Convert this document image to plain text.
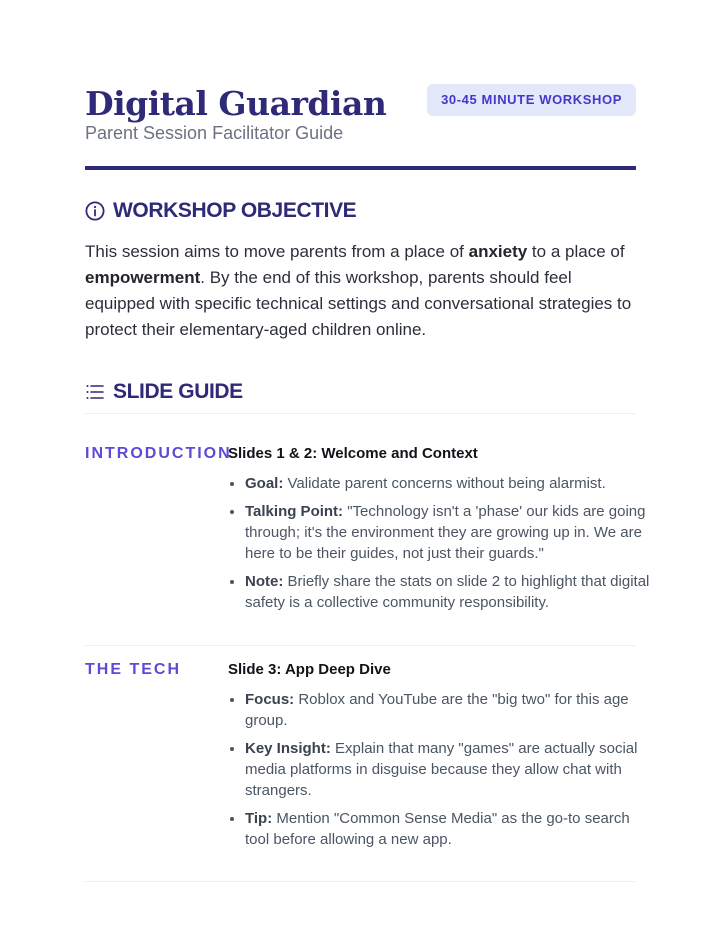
Digital Guardian
Parent Session Facilitator Guide
30-45 MINUTE WORKSHOP
WORKSHOP OBJECTIVE

This session aims to move parents from a place of anxiety to a place of empowerment. By the end of this workshop, parents should feel equipped with specific technical settings and conversational strategies to protect their elementary-aged children online.

SLIDE GUIDE
INTRODUCTION
Slides 1 & 2: Welcome and Context
• Goal: Validate parent concerns without being alarmist.
• Talking Point: "Technology isn't a 'phase' our kids are going through; it's the environment they are growing up in. We are here to be their guides, not just their guards."
• Note: Briefly share the stats on slide 2 to highlight that digital safety is a collective community responsibility.
THE TECH	Slide 3: App Deep Dive
• Focus: Roblox and YouTube are the "big two" for this age group.
• Key Insight: Explain that many "games" are actually social media platforms in disguise because they allow chat with strangers.
• Tip: Mention "Common Sense Media" as the go-to search tool before allowing a new app.
